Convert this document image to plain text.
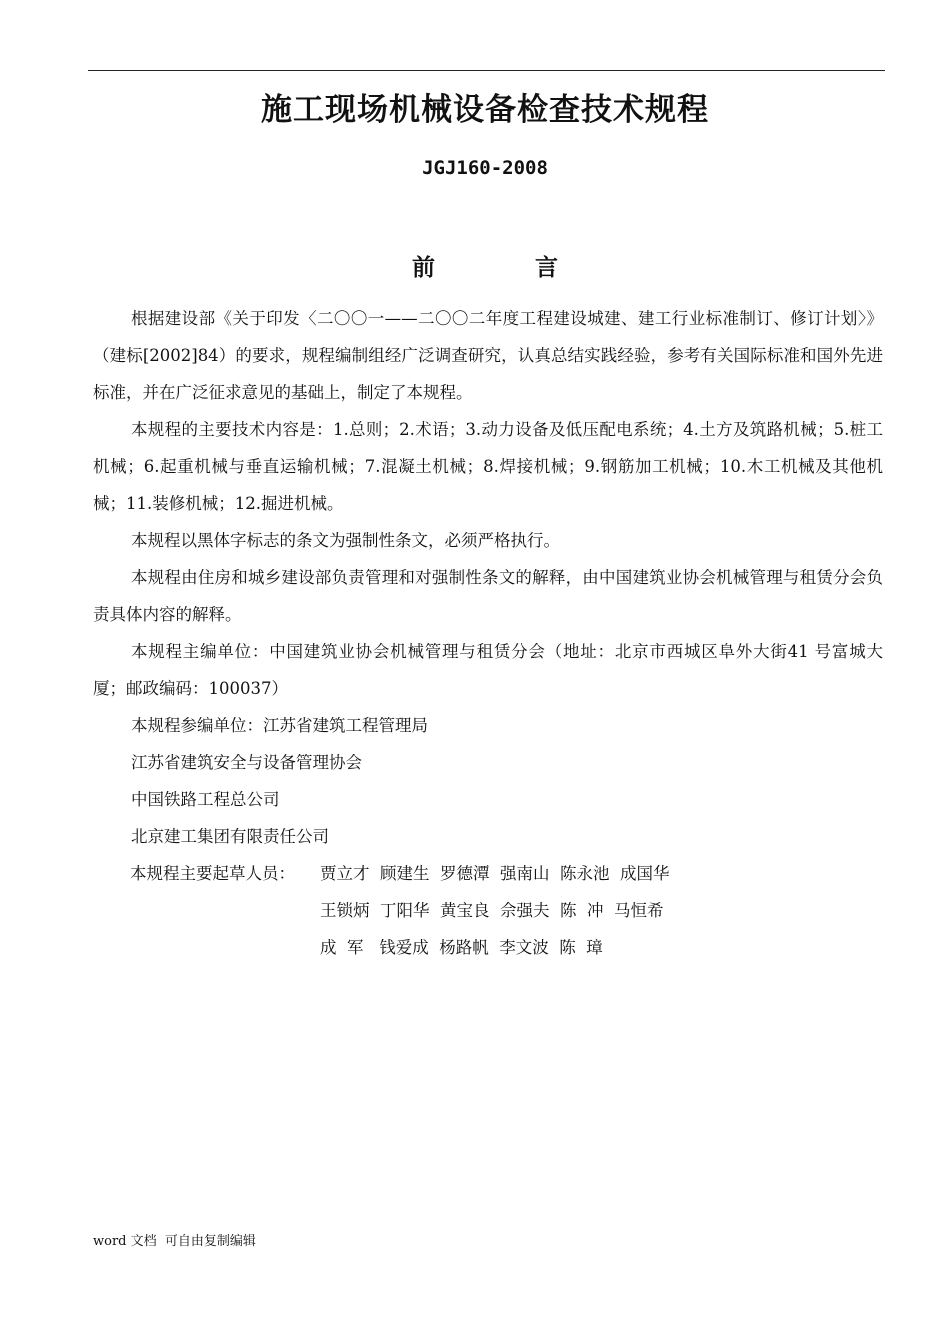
施工现场机械设备检查技术规程
JGJ160-2008
前言

根据建设部《关于印发〈二〇〇一——二〇〇二年度工程建设城建、建工行业标准制订、修订计划〉》（建标[2002]84）的要求，规程编制组经广泛调查研究，认真总结实践经验，参考有关国际标准和国外先进标准，并在广泛征求意见的基础上，制定了本规程。

本规程的主要技术内容是：1.总则；2.术语；3.动力设备及低压配电系统；4.土方及筑路机械；5.桩工机械；6.起重机械与垂直运输机械；7.混凝土机械；8.焊接机械；9.钢筋加工机械；10.木工机械及其他机械；11.装修机械；12.掘进机械。

本规程以黑体字标志的条文为强制性条文，必须严格执行。

本规程由住房和城乡建设部负责管理和对强制性条文的解释，由中国建筑业协会机械管理与租赁分会负责具体内容的解释。

本规程主编单位：中国建筑业协会机械管理与租赁分会（地址：北京市西城区阜外大街41 号富城大厦；邮政编码：100037）

本规程参编单位：江苏省建筑工程管理局

江苏省建筑安全与设备管理协会

中国铁路工程总公司

北京建工集团有限责任公司

本规程主要起草人员：	贾立才  顾建生  罗德潭  强南山  陈永池  成国华
王锁炳  丁阳华  黄宝良  佘强夫  陈  冲  马恒希
成  军   钱爱成  杨路帆  李文波  陈  璋
word 文档  可自由复制编辑
